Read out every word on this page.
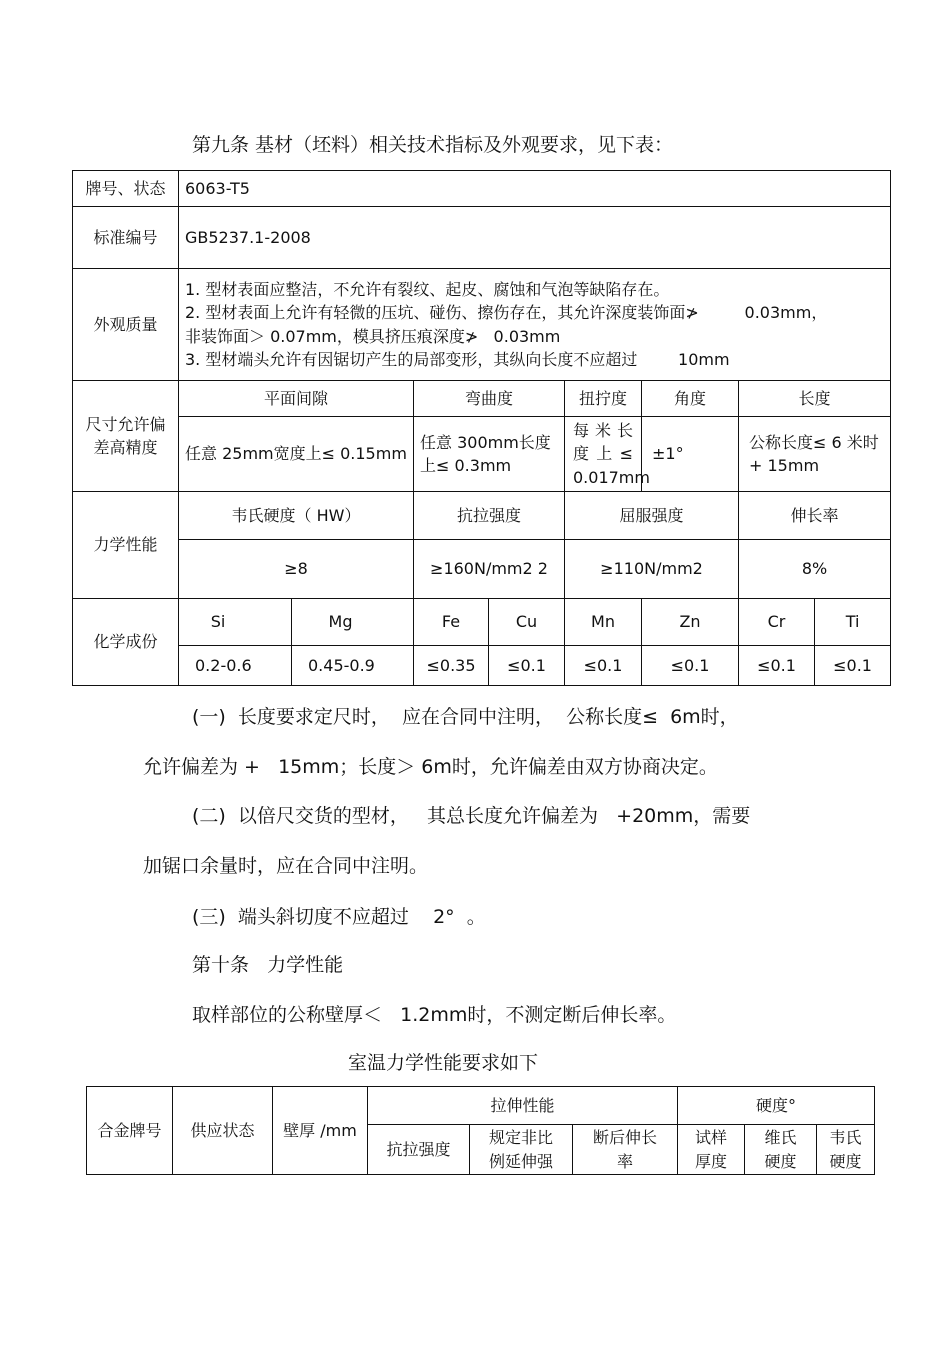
第九条 基材（坯料）相关技术指标及外观要求，见下表：
牌号、状态	6063-T5							
标准编号	GB5237.1-2008							
外观质量	1. 型材表面应整洁，不允许有裂纹、起皮、腐蚀和气泡等缺陷存在。
2. 型材表面上允许有轻微的压坑、碰伤、擦伤存在，其允许深度装饰面≯         0.03mm，
非装饰面＞ 0.07mm，模具挤压痕深度≯   0.03mm
3. 型材端头允许有因锯切产生的局部变形，其纵向长度不应超过        10mm							

尺寸允许偏差高精度	平面间隙		弯曲度		扭拧度	角度	长度	
	任意 25mm宽度上≤ 0.15mm		任意 300mm长度上≤ 0.3mm		每米长度 上 ≤ 0.017mm	±1°	公称长度≤ 6 米时 + 15mm	
力学性能	韦氏硬度（ HW）		抗拉强度		屈服强度		伸长率	
	≥8		≥160N/mm2 2		≥110N/mm2		8%	
化学成份	Si	Mg	Fe	Cu	Mn	Zn	Cr	Ti
	0.2-0.6	0.45-0.9	≤0.35	≤0.1	≤0.1	≤0.1	≤0.1	≤0.1
(一)  长度要求定尺时，  应在合同中注明，  公称长度≤  6m时，
允许偏差为 +   15mm；长度＞ 6m时，允许偏差由双方协商决定。
(二)  以倍尺交货的型材，   其总长度允许偏差为   +20mm，需要
加锯口余量时，应在合同中注明。
(三)  端头斜切度不应超过    2°  。
第十条   力学性能
取样部位的公称壁厚＜   1.2mm时，不测定断后伸长率。
室温力学性能要求如下
合金牌号	供应状态	壁厚 /mm	拉伸性能			硬度°		
			抗拉强度	规定非比例延伸强	断后伸长率	试样厚度	维氏硬度	韦氏硬度
